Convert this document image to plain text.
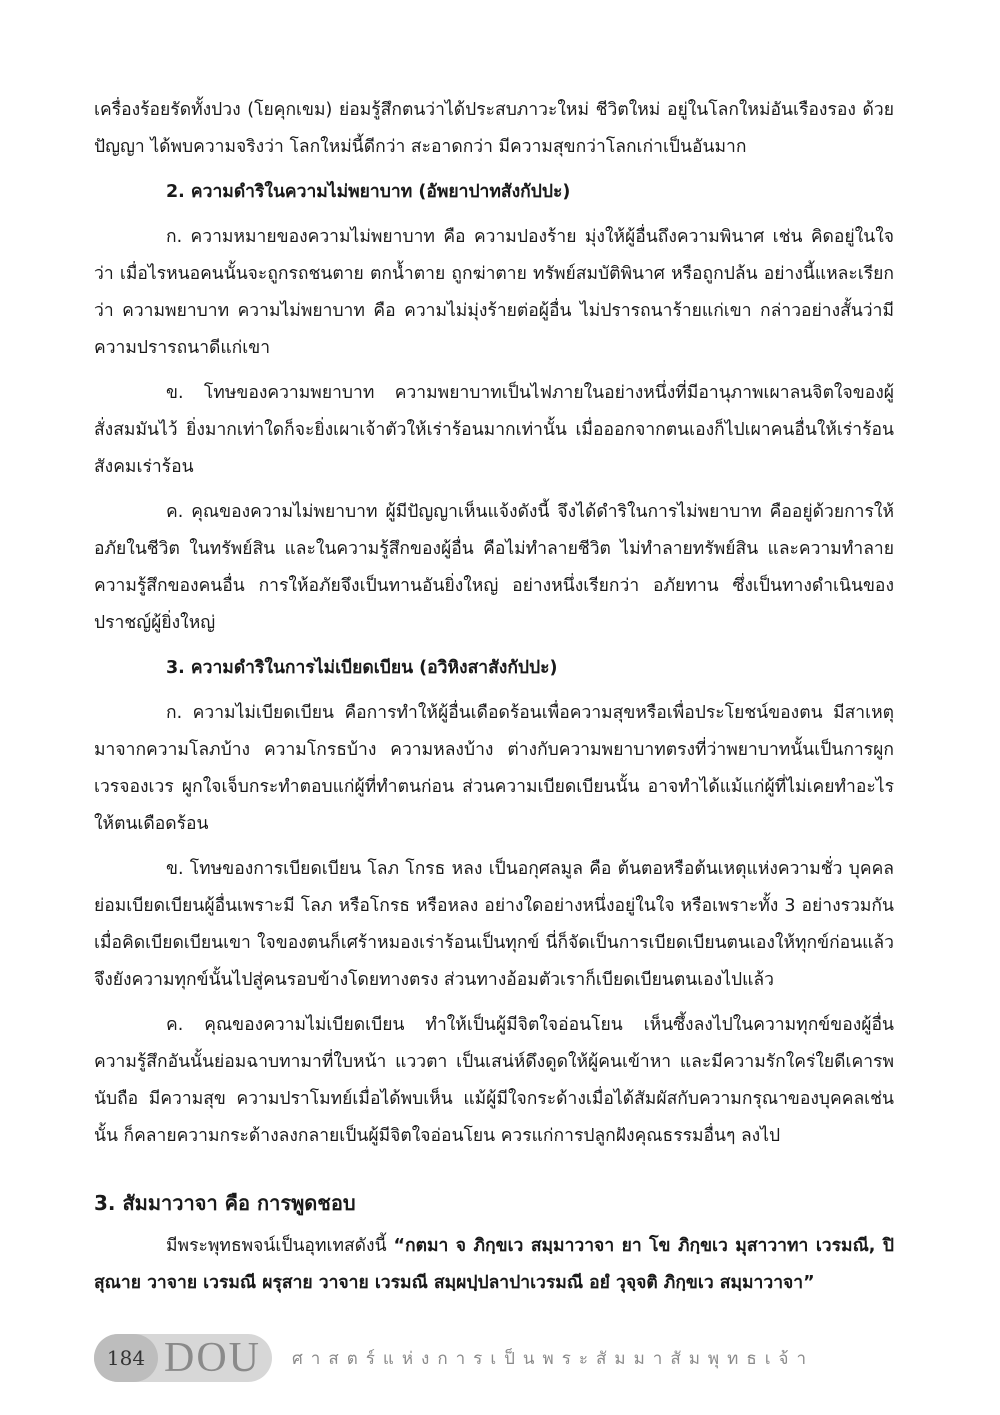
เครื่องร้อยรัดทั้งปวง (โยคุกเขม) ย่อมรู้สึกตนว่าได้ประสบภาวะใหม่ ชีวิตใหม่ อยู่ในโลกใหม่อันเรืองรอง ด้วยปัญญา ได้พบความจริงว่า โลกใหม่นี้ดีกว่า สะอาดกว่า มีความสุขกว่าโลกเก่าเป็นอันมาก

2. ความดำริในความไม่พยาบาท (อัพยาปาทสังกัปปะ)

ก. ความหมายของความไม่พยาบาท คือ ความปองร้าย มุ่งให้ผู้อื่นถึงความพินาศ เช่น คิดอยู่ในใจว่า เมื่อไรหนอคนนั้นจะถูกรถชนตาย ตกน้ำตาย ถูกฆ่าตาย ทรัพย์สมบัติพินาศ หรือถูกปล้น อย่างนี้แหละเรียกว่า ความพยาบาท ความไม่พยาบาท คือ ความไม่มุ่งร้ายต่อผู้อื่น ไม่ปรารถนาร้ายแก่เขา กล่าวอย่างสั้นว่ามีความปรารถนาดีแก่เขา

ข. โทษของความพยาบาท ความพยาบาทเป็นไฟภายในอย่างหนึ่งที่มีอานุภาพเผาลนจิตใจของผู้สั่งสมมันไว้ ยิ่งมากเท่าใดก็จะยิ่งเผาเจ้าตัวให้เร่าร้อนมากเท่านั้น เมื่อออกจากตนเองก็ไปเผาคนอื่นให้เร่าร้อน สังคมเร่าร้อน

ค. คุณของความไม่พยาบาท ผู้มีปัญญาเห็นแจ้งดังนี้ จึงได้ดำริในการไม่พยาบาท คืออยู่ด้วยการให้อภัยในชีวิต ในทรัพย์สิน และในความรู้สึกของผู้อื่น คือไม่ทำลายชีวิต ไม่ทำลายทรัพย์สิน และความทำลายความรู้สึกของคนอื่น การให้อภัยจึงเป็นทานอันยิ่งใหญ่ อย่างหนึ่งเรียกว่า อภัยทาน ซึ่งเป็นทางดำเนินของปราชญ์ผู้ยิ่งใหญ่

3. ความดำริในการไม่เบียดเบียน (อวิหิงสาสังกัปปะ)

ก. ความไม่เบียดเบียน คือการทำให้ผู้อื่นเดือดร้อนเพื่อความสุขหรือเพื่อประโยชน์ของตน มีสาเหตุมาจากความโลภบ้าง ความโกรธบ้าง ความหลงบ้าง ต่างกับความพยาบาทตรงที่ว่าพยาบาทนั้นเป็นการผูกเวรจองเวร ผูกใจเจ็บกระทำตอบแก่ผู้ที่ทำตนก่อน ส่วนความเบียดเบียนนั้น อาจทำได้แม้แก่ผู้ที่ไม่เคยทำอะไรให้ตนเดือดร้อน

ข. โทษของการเบียดเบียน โลภ โกรธ หลง เป็นอกุศลมูล คือ ต้นตอหรือต้นเหตุแห่งความชั่ว บุคคลย่อมเบียดเบียนผู้อื่นเพราะมี โลภ หรือโกรธ หรือหลง อย่างใดอย่างหนึ่งอยู่ในใจ หรือเพราะทั้ง 3 อย่างรวมกัน เมื่อคิดเบียดเบียนเขา ใจของตนก็เศร้าหมองเร่าร้อนเป็นทุกข์ นี่ก็จัดเป็นการเบียดเบียนตนเองให้ทุกข์ก่อนแล้วจึงยังความทุกข์นั้นไปสู่คนรอบข้างโดยทางตรง ส่วนทางอ้อมตัวเราก็เบียดเบียนตนเองไปแล้ว

ค. คุณของความไม่เบียดเบียน ทำให้เป็นผู้มีจิตใจอ่อนโยน เห็นซึ้งลงไปในความทุกข์ของผู้อื่น ความรู้สึกอันนั้นย่อมฉาบทามาที่ใบหน้า แววตา เป็นเสน่ห์ดึงดูดให้ผู้คนเข้าหา และมีความรักใคร่ใยดีเคารพนับถือ มีความสุข ความปราโมทย์เมื่อได้พบเห็น แม้ผู้มีใจกระด้างเมื่อได้สัมผัสกับความกรุณาของบุคคลเช่นนั้น ก็คลายความกระด้างลงกลายเป็นผู้มีจิตใจอ่อนโยน ควรแก่การปลูกฝังคุณธรรมอื่นๆ ลงไป

3. สัมมาวาจา คือ การพูดชอบ

มีพระพุทธพจน์เป็นอุทเทสดังนี้ “กตมา จ ภิกฺขเว สมฺมาวาจา ยา โข ภิกฺขเว มุสาวาทา เวรมณี, ปิสุณาย วาจาย เวรมณี ผรุสาย วาจาย เวรมณี สมฺผปฺปลาปาเวรมณี อยํ วุจฺจติ ภิกฺขเว สมฺมาวาจา”

184 DOU ศาสตร์แห่งการเป็นพระสัมมาสัมพุทธเจ้า
